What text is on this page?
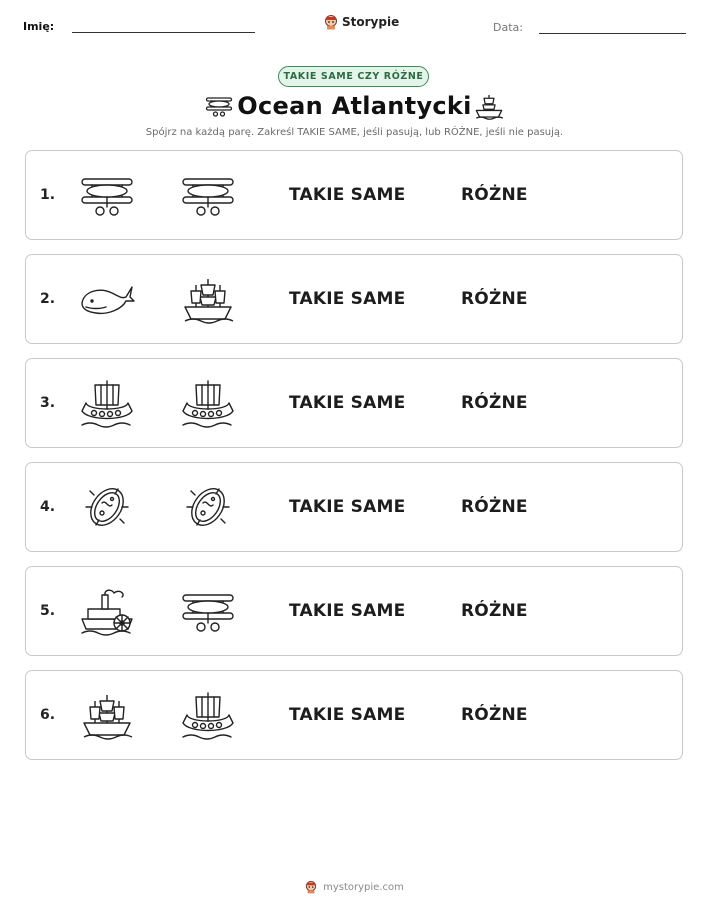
Imię:	Storypie	Data:
TAKIE SAME CZY RÓŻNE
Ocean Atlantycki
Spójrz na każdą parę. Zakreśl TAKIE SAME, jeśli pasują, lub RÓŻNE, jeśli nie pasują.
1.	TAKIE SAME	RÓŻNE
2.	TAKIE SAME	RÓŻNE
3.	TAKIE SAME	RÓŻNE
4.	TAKIE SAME	RÓŻNE
5.	TAKIE SAME	RÓŻNE
6.	TAKIE SAME	RÓŻNE
mystorypie.com
